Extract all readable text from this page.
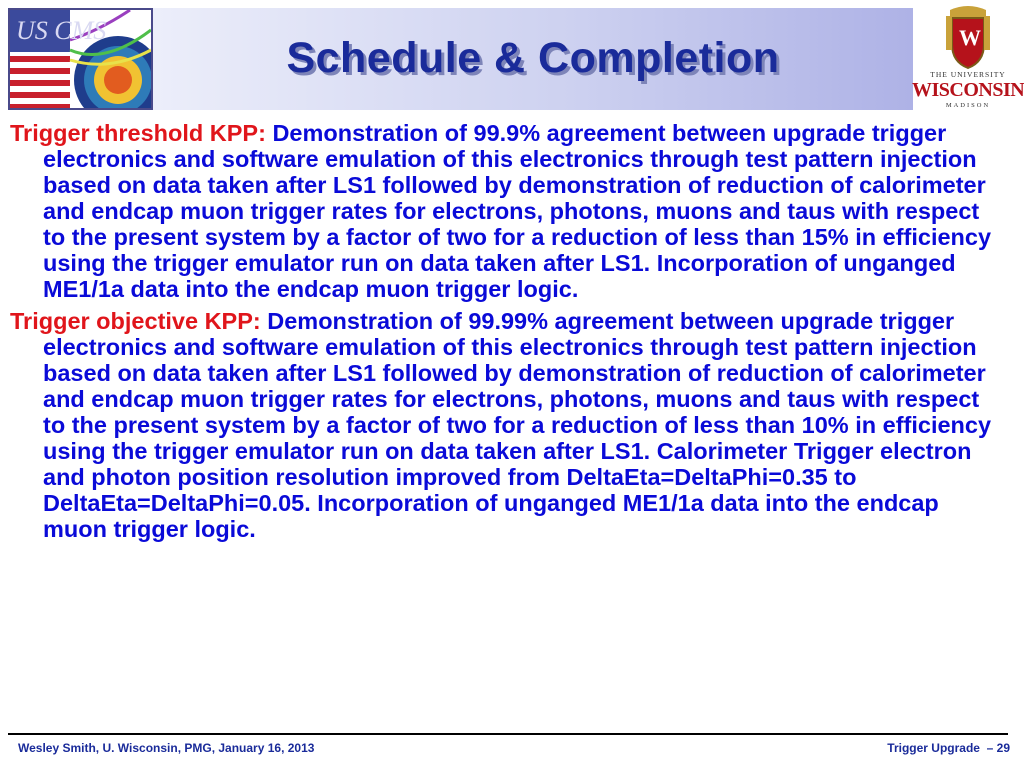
US CMS
Schedule & Completion	W
THE UNIVERSITY
WISCONSIN
MADISON

Trigger threshold KPP: Demonstration of 99.9% agreement between upgrade trigger electronics and software emulation of this electronics through test pattern injection based on data taken after LS1 followed by demonstration of reduction of calorimeter and endcap muon trigger rates for electrons, photons, muons and taus with respect to the present system by a factor of two for a reduction of less than 15% in efficiency using the trigger emulator run on data taken after LS1. Incorporation of unganged ME1/1a data into the endcap muon trigger logic.

Trigger objective KPP: Demonstration of 99.99% agreement between upgrade trigger electronics and software emulation of this electronics through test pattern injection based on data taken after LS1 followed by demonstration of reduction of calorimeter and endcap muon trigger rates for electrons, photons, muons and taus with respect to the present system by a factor of two for a reduction of less than 10% in efficiency using the trigger emulator run on data taken after LS1. Calorimeter Trigger electron and photon position resolution improved from DeltaEta=DeltaPhi=0.35 to DeltaEta=DeltaPhi=0.05. Incorporation of unganged ME1/1a data into the endcap muon trigger logic.

Wesley Smith, U. Wisconsin, PMG, January 16, 2013	Trigger Upgrade  – 29
